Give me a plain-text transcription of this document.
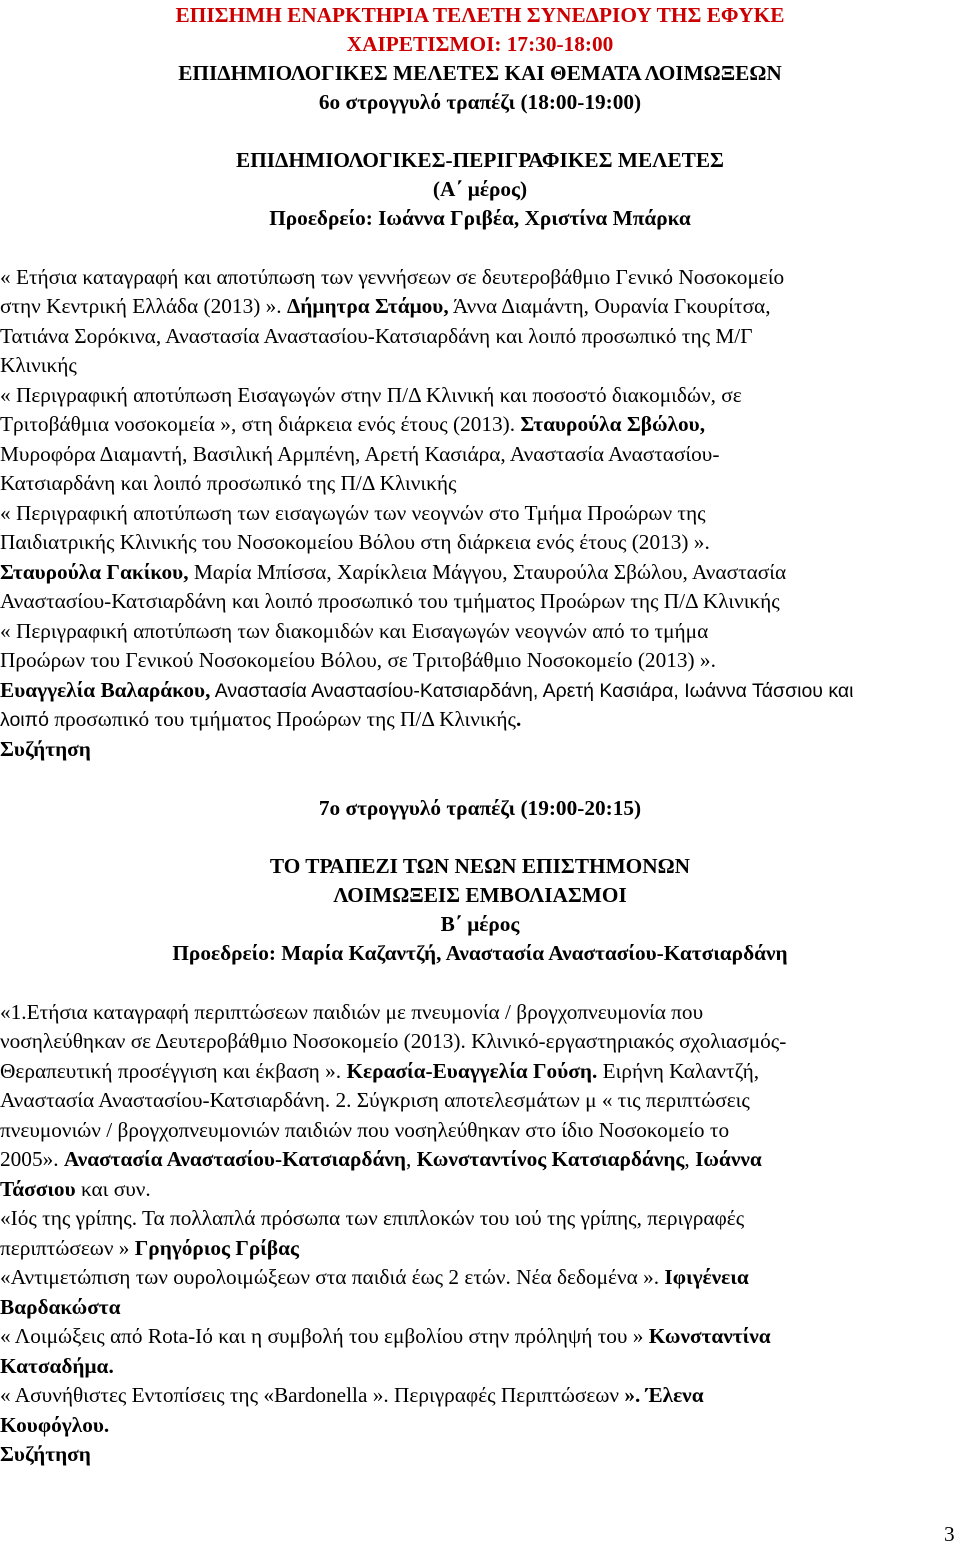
ΕΠΙΣΗΜΗ ΕΝΑΡΚΤΗΡΙΑ ΤΕΛΕΤΗ ΣΥΝΕΔΡΙΟΥ ΤΗΣ ΕΦΥΚΕ
ΧΑΙΡΕΤΙΣΜΟΙ: 17:30-18:00
ΕΠΙΔΗΜΙΟΛΟΓΙΚΕΣ ΜΕΛΕΤΕΣ ΚΑΙ ΘΕΜΑΤΑ ΛΟΙΜΩΞΕΩΝ
6ο στρογγυλό τραπέζι (18:00-19:00)
ΕΠΙΔΗΜΙΟΛΟΓΙΚΕΣ-ΠΕΡΙΓΡΑΦΙΚΕΣ ΜΕΛΕΤΕΣ
(Α΄ μέρος)
Προεδρείο: Ιωάννα Γριβέα, Χριστίνα Μπάρκα
« Ετήσια καταγραφή και αποτύπωση των γεννήσεων σε δευτεροβάθμιο Γενικό Νοσοκομείο
στην Κεντρική Ελλάδα (2013) ». Δήμητρα Στάμου, Άννα Διαμάντη, Ουρανία Γκουρίτσα,
Τατιάνα Σορόκινα, Αναστασία Αναστασίου-Κατσιαρδάνη και λοιπό προσωπικό της Μ/Γ
Κλινικής
« Περιγραφική αποτύπωση Εισαγωγών στην Π/Δ Κλινική και ποσοστό διακομιδών, σε
Τριτοβάθμια νοσοκομεία », στη διάρκεια ενός έτους (2013). Σταυρούλα Σβώλου,
Μυροφόρα Διαμαντή, Βασιλική Αρμπένη, Αρετή Κασιάρα, Αναστασία Αναστασίου-
Κατσιαρδάνη και λοιπό προσωπικό της Π/Δ Κλινικής
« Περιγραφική αποτύπωση των εισαγωγών των νεογνών στο Τμήμα Προώρων της
Παιδιατρικής Κλινικής του Νοσοκομείου Βόλου στη διάρκεια ενός έτους (2013) ».
Σταυρούλα Γακίκου, Μαρία Μπίσσα, Χαρίκλεια Μάγγου, Σταυρούλα Σβώλου, Αναστασία
Αναστασίου-Κατσιαρδάνη και λοιπό προσωπικό του τμήματος Προώρων της Π/Δ Κλινικής
« Περιγραφική αποτύπωση των διακομιδών και Εισαγωγών νεογνών από το τμήμα
Προώρων του Γενικού Νοσοκομείου Βόλου, σε Τριτοβάθμιο Νοσοκομείο (2013) ».
Ευαγγελία Βαλαράκου, Αναστασία Αναστασίου-Κατσιαρδάνη, Αρετή Κασιάρα, Ιωάννα Τάσσιου και
λοιπό προσωπικό του τμήματος Προώρων της Π/Δ Κλινικής.
Συζήτηση
7ο στρογγυλό τραπέζι (19:00-20:15)
ΤΟ ΤΡΑΠΕΖΙ ΤΩΝ ΝΕΩΝ ΕΠΙΣΤΗΜΟΝΩΝ
ΛΟΙΜΩΞΕΙΣ ΕΜΒΟΛΙΑΣΜΟΙ
Β΄ μέρος
Προεδρείο: Μαρία Καζαντζή, Αναστασία Αναστασίου-Κατσιαρδάνη
«1.Ετήσια καταγραφή περιπτώσεων παιδιών με πνευμονία / βρογχοπνευμονία που
νοσηλεύθηκαν σε Δευτεροβάθμιο Νοσοκομείο (2013). Κλινικό-εργαστηριακός σχολιασμός-
Θεραπευτική προσέγγιση και έκβαση ». Κερασία-Ευαγγελία Γούση. Ειρήνη Καλαντζή,
Αναστασία Αναστασίου-Κατσιαρδάνη. 2. Σύγκριση αποτελεσμάτων μ « τις περιπτώσεις
πνευμονιών / βρογχοπνευμονιών παιδιών που νοσηλεύθηκαν στο ίδιο Νοσοκομείο το
2005». Αναστασία Αναστασίου-Κατσιαρδάνη, Κωνσταντίνος Κατσιαρδάνης, Ιωάννα
Τάσσιου και συν.
«Ιός της γρίπης. Τα πολλαπλά πρόσωπα των επιπλοκών του ιού της γρίπης, περιγραφές
περιπτώσεων » Γρηγόριος Γρίβας
«Αντιμετώπιση των ουρολοιμώξεων στα παιδιά έως 2 ετών. Νέα δεδομένα ». Ιφιγένεια
Βαρδακώστα
« Λοιμώξεις από Rota-Ιό και η συμβολή του εμβολίου στην πρόληψή του » Κωνσταντίνα
Κατσαδήμα.
« Ασυνήθιστες Εντοπίσεις της «Bardonella ». Περιγραφές Περιπτώσεων ». Έλενα
Κουφόγλου.
Συζήτηση
3
